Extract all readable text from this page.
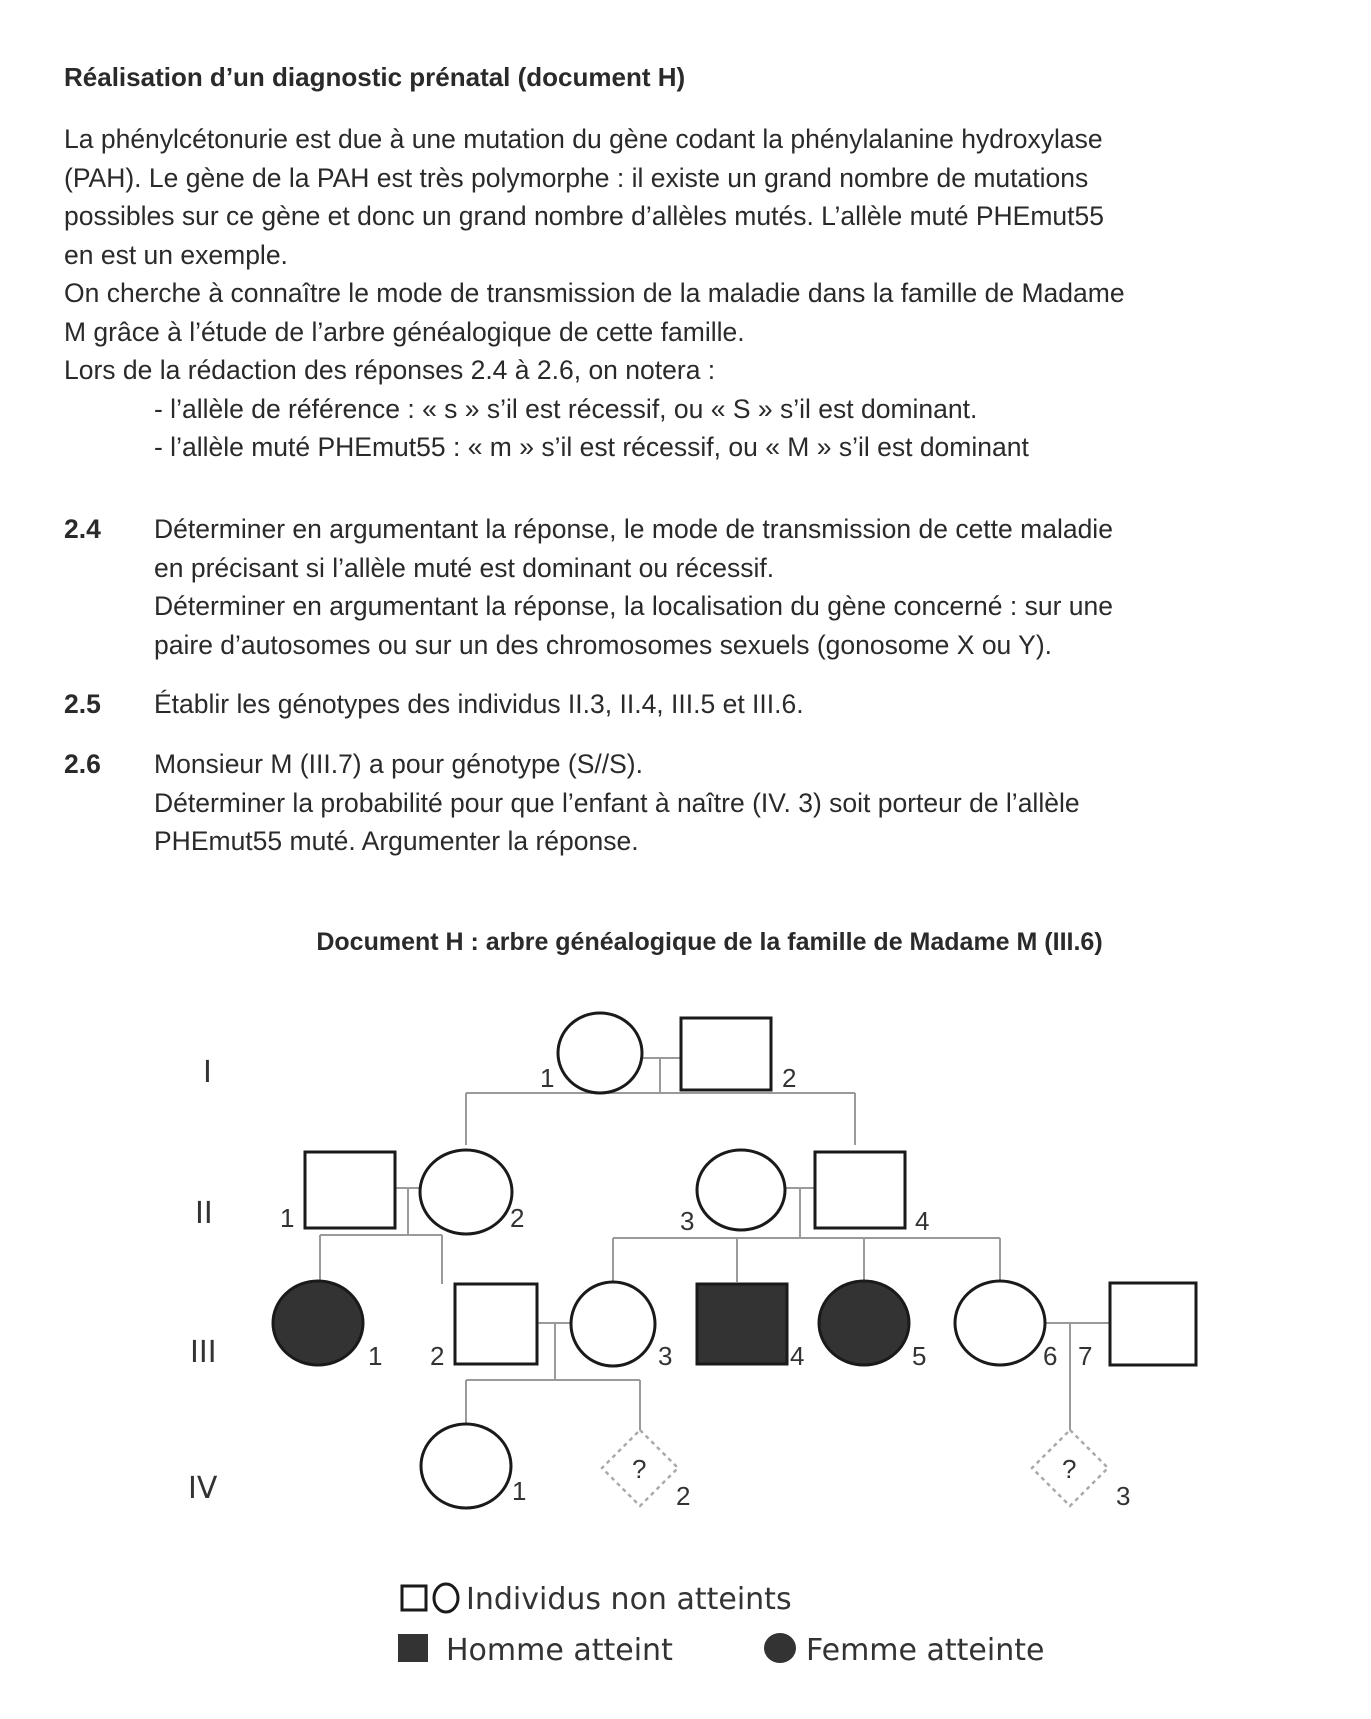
Réalisation d’un diagnostic prénatal (document H)

La phénylcétonurie est due à une mutation du gène codant la phénylalanine hydroxylase

(PAH). Le gène de la PAH est très polymorphe : il existe un grand nombre de mutations

possibles sur ce gène et donc un grand nombre d’allèles mutés. L’allèle muté PHEmut55

en est un exemple.

On cherche à connaître le mode de transmission de la maladie dans la famille de Madame

M grâce à l’étude de l’arbre généalogique de cette famille.

Lors de la rédaction des réponses 2.4 à 2.6, on notera :

- l’allèle de référence : « s » s’il est récessif, ou « S » s’il est dominant.

- l’allèle muté PHEmut55 : « m » s’il est récessif, ou « M » s’il est dominant

2.4 Déterminer en argumentant la réponse, le mode de transmission de cette maladie

en précisant si l’allèle muté est dominant ou récessif.

Déterminer en argumentant la réponse, la localisation du gène concerné : sur une

paire d’autosomes ou sur un des chromosomes sexuels (gonosome X ou Y).

2.5 Établir les génotypes des individus II.3, II.4, III.5 et III.6.

2.6 Monsieur M (III.7) a pour génotype (S//S).

Déterminer la probabilité pour que l’enfant à naître (IV. 3) soit porteur de l’allèle

PHEmut55 muté. Argumenter la réponse.

Document H : arbre généalogique de la famille de Madame M (III.6)
I
II
III
IV
1	2
1	2	3	4
1 2	3	4	5	6 7
1
?
2
?
3
Individus non atteints
Homme atteint	Femme atteinte
